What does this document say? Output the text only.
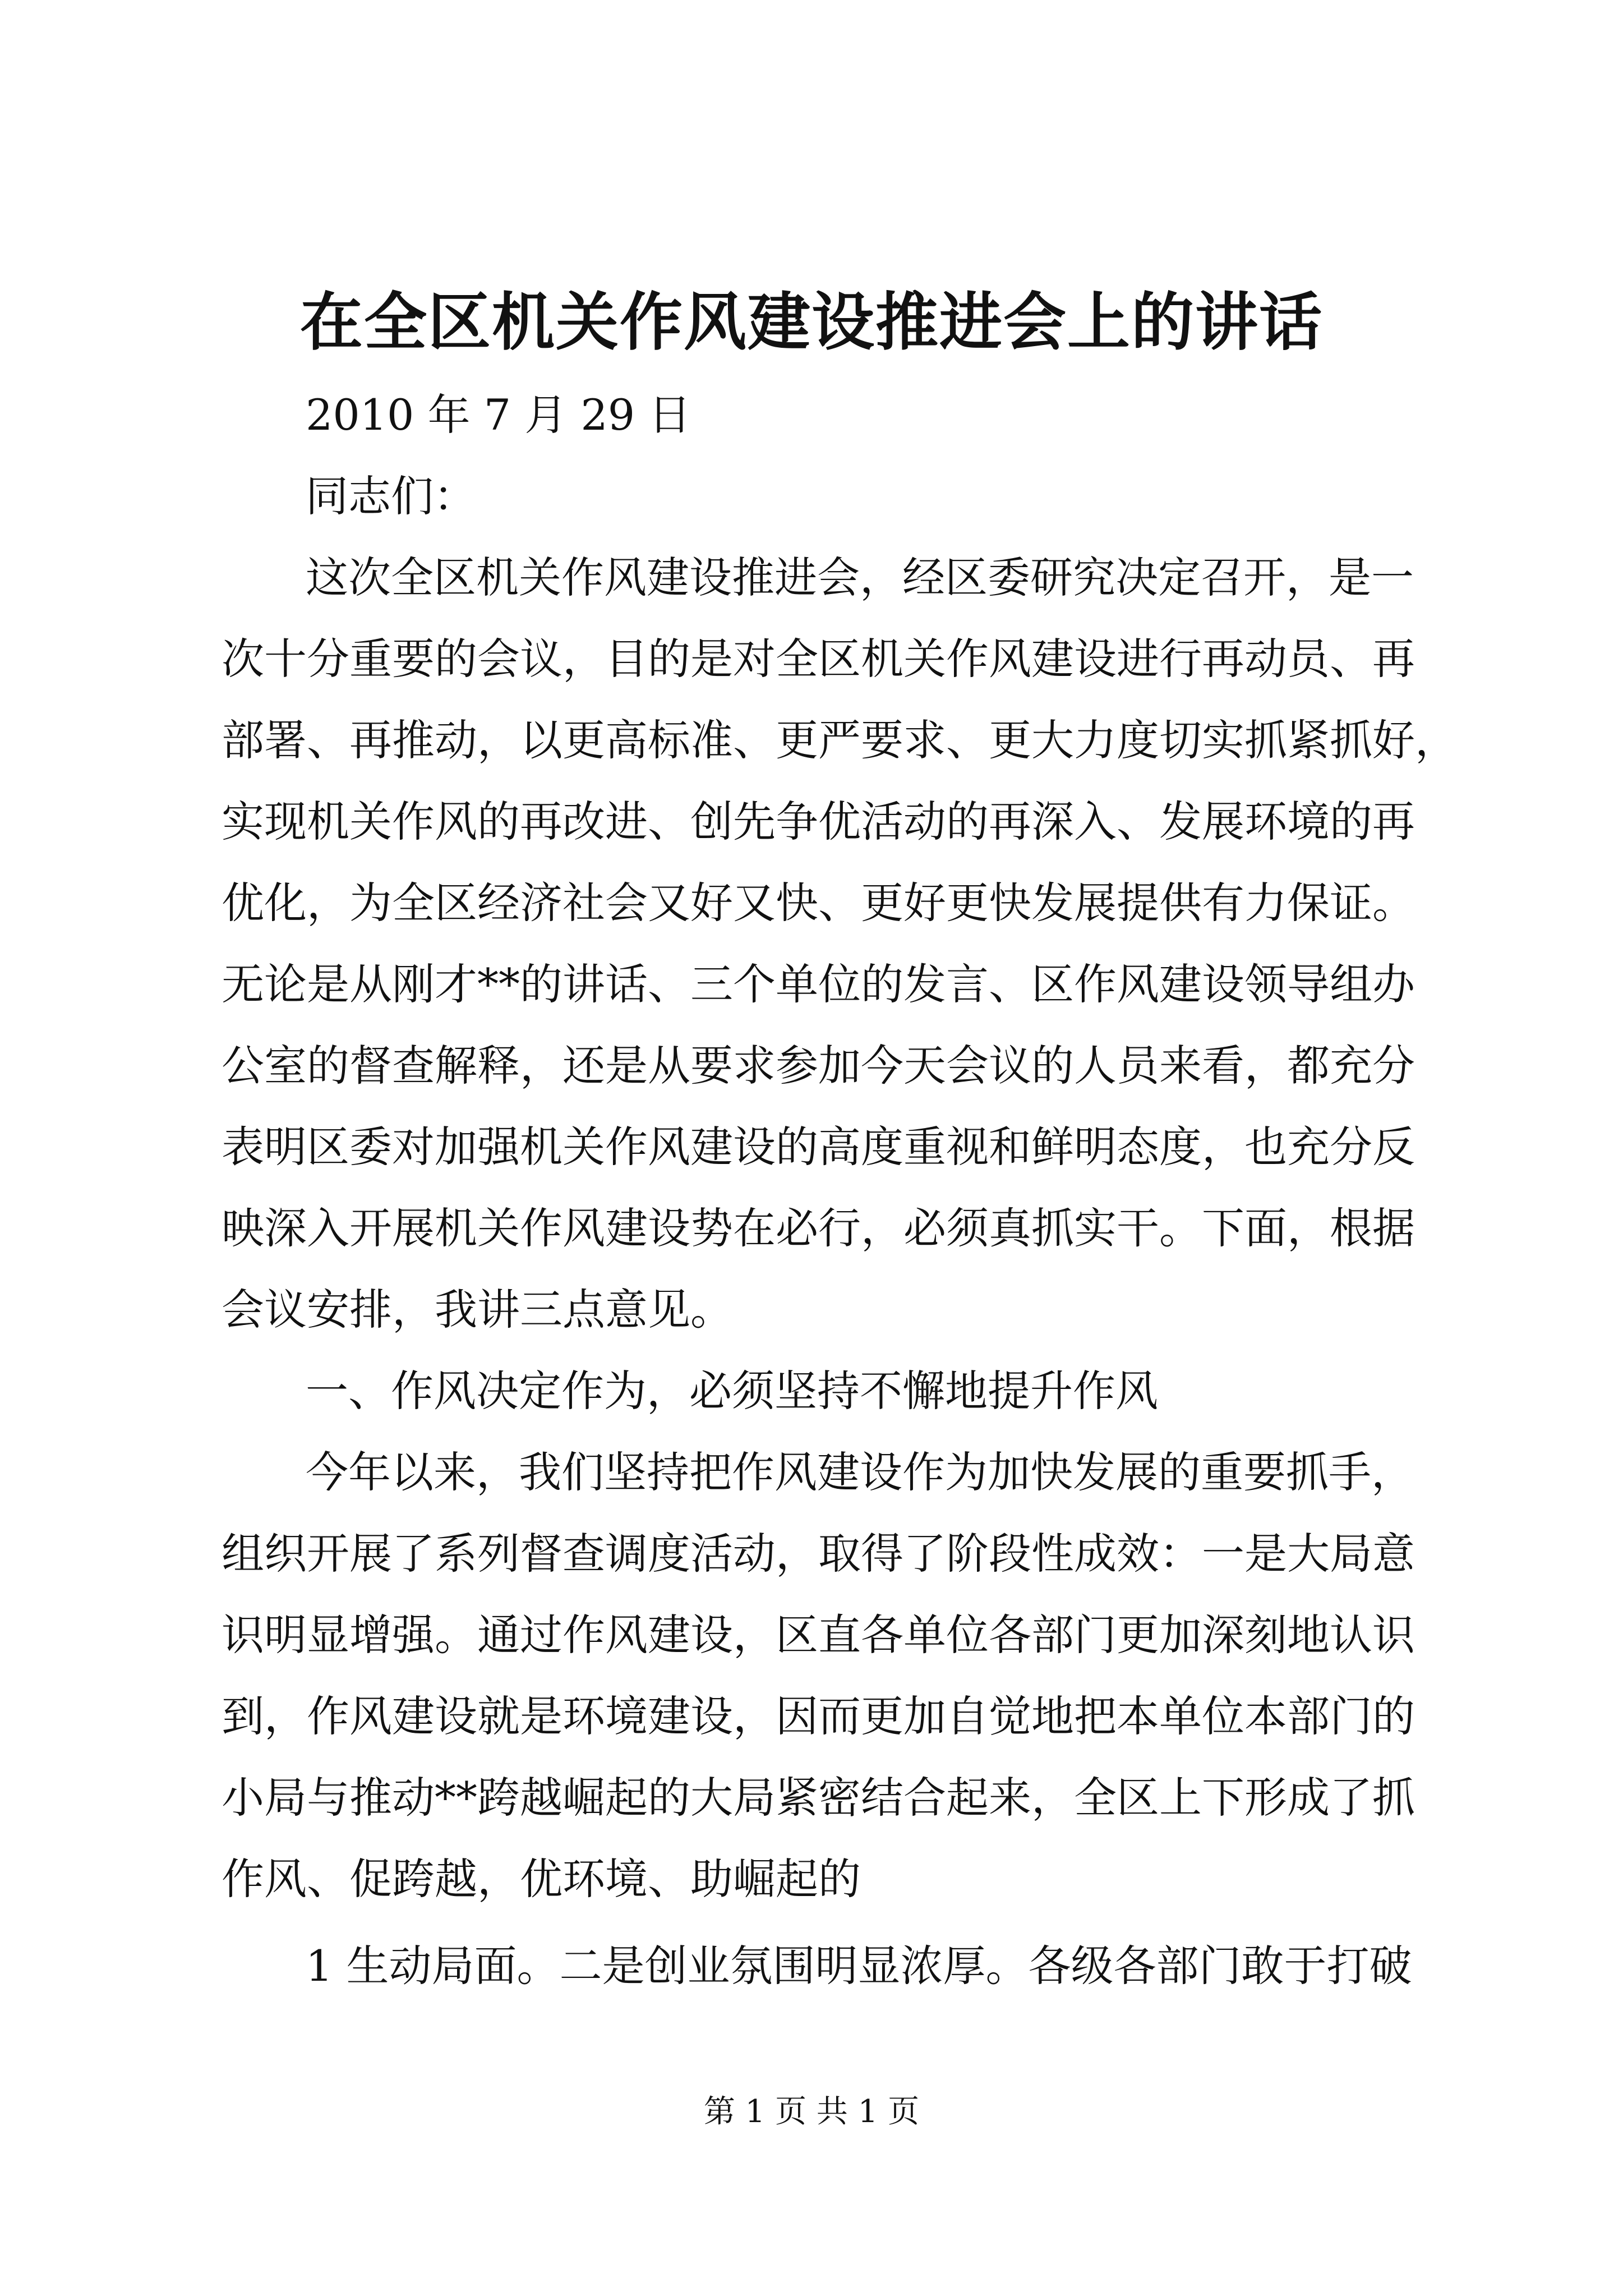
在全区机关作风建设推进会上的讲话
2010 年 7 月 29 日
同志们：
这次全区机关作风建设推进会，经区委研究决定召开，是一
次十分重要的会议，目的是对全区机关作风建设进行再动员、再
部署、再推动，以更高标准、更严要求、更大力度切实抓紧抓好，
实现机关作风的再改进、创先争优活动的再深入、发展环境的再
优化，为全区经济社会又好又快、更好更快发展提供有力保证。
无论是从刚才**的讲话、三个单位的发言、区作风建设领导组办
公室的督查解释，还是从要求参加今天会议的人员来看，都充分
表明区委对加强机关作风建设的高度重视和鲜明态度，也充分反
映深入开展机关作风建设势在必行，必须真抓实干。下面，根据
会议安排，我讲三点意见。
一、作风决定作为，必须坚持不懈地提升作风
今年以来，我们坚持把作风建设作为加快发展的重要抓手，
组织开展了系列督查调度活动，取得了阶段性成效：一是大局意
识明显增强。通过作风建设，区直各单位各部门更加深刻地认识
到，作风建设就是环境建设，因而更加自觉地把本单位本部门的
小局与推动**跨越崛起的大局紧密结合起来，全区上下形成了抓
作风、促跨越，优环境、助崛起的
1 生动局面。二是创业氛围明显浓厚。各级各部门敢于打破
第 1 页 共 1 页
